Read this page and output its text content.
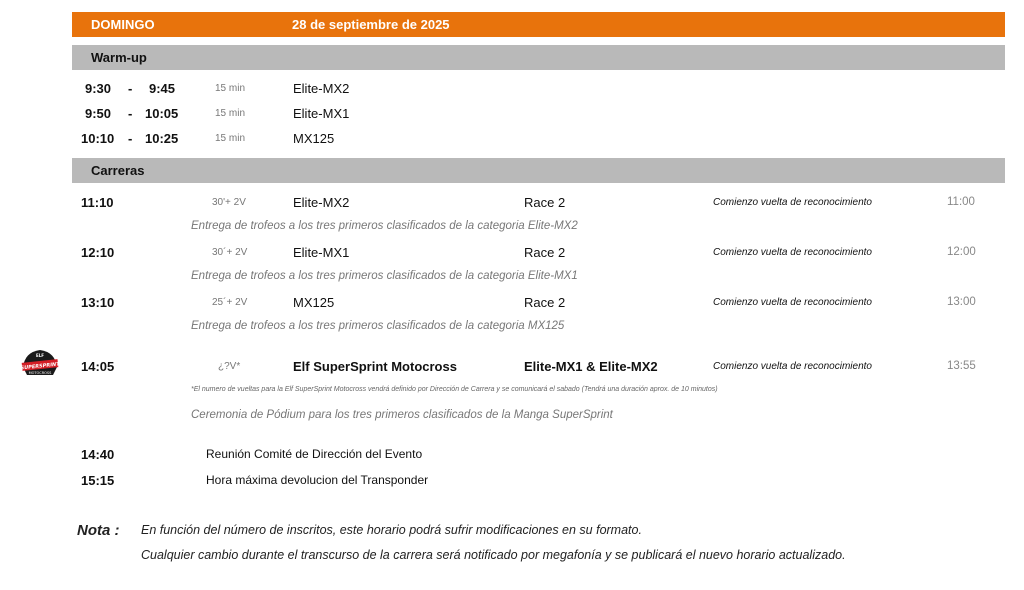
DOMINGO	28 de septiembre de 2025
Warm-up
9:30 - 9:45	15 min	Elite-MX2
9:50 - 10:05	15 min	Elite-MX1
10:10 - 10:25	15 min	MX125
Carreras
11:10	30'+ 2V	Elite-MX2	Race 2	Comienzo vuelta de reconocimiento	11:00
Entrega de trofeos a los tres primeros clasificados de la categoria Elite-MX2
12:10	30´+ 2V	Elite-MX1	Race 2	Comienzo vuelta de reconocimiento	12:00
Entrega de trofeos a los tres primeros clasificados de la categoria Elite-MX1
13:10	25´+ 2V	MX125	Race 2	Comienzo vuelta de reconocimiento	13:00
Entrega de trofeos a los tres primeros clasificados de la categoria MX125
ELF
SUPERSPRINT
MOTOCROSS 14:05	¿?V*	Elf SuperSprint Motocross	Elite-MX1 & Elite-MX2	Comienzo vuelta de reconocimiento	13:55
*El numero de vueltas para la Elf SuperSprint Motocross vendrá definido por Dirección de Carrera y se comunicará el sabado (Tendrá una duración aprox. de 10 minutos)
Ceremonia de Pódium para los tres primeros clasificados de la Manga SuperSprint
14:40	Reunión Comité de Dirección del Evento
15:15	Hora máxima devolucion del Transponder
Nota : En función del número de inscritos, este horario podrá sufrir modificaciones en su formato.
Cualquier cambio durante el transcurso de la carrera será notificado por megafonía y se publicará el nuevo horario actualizado.
